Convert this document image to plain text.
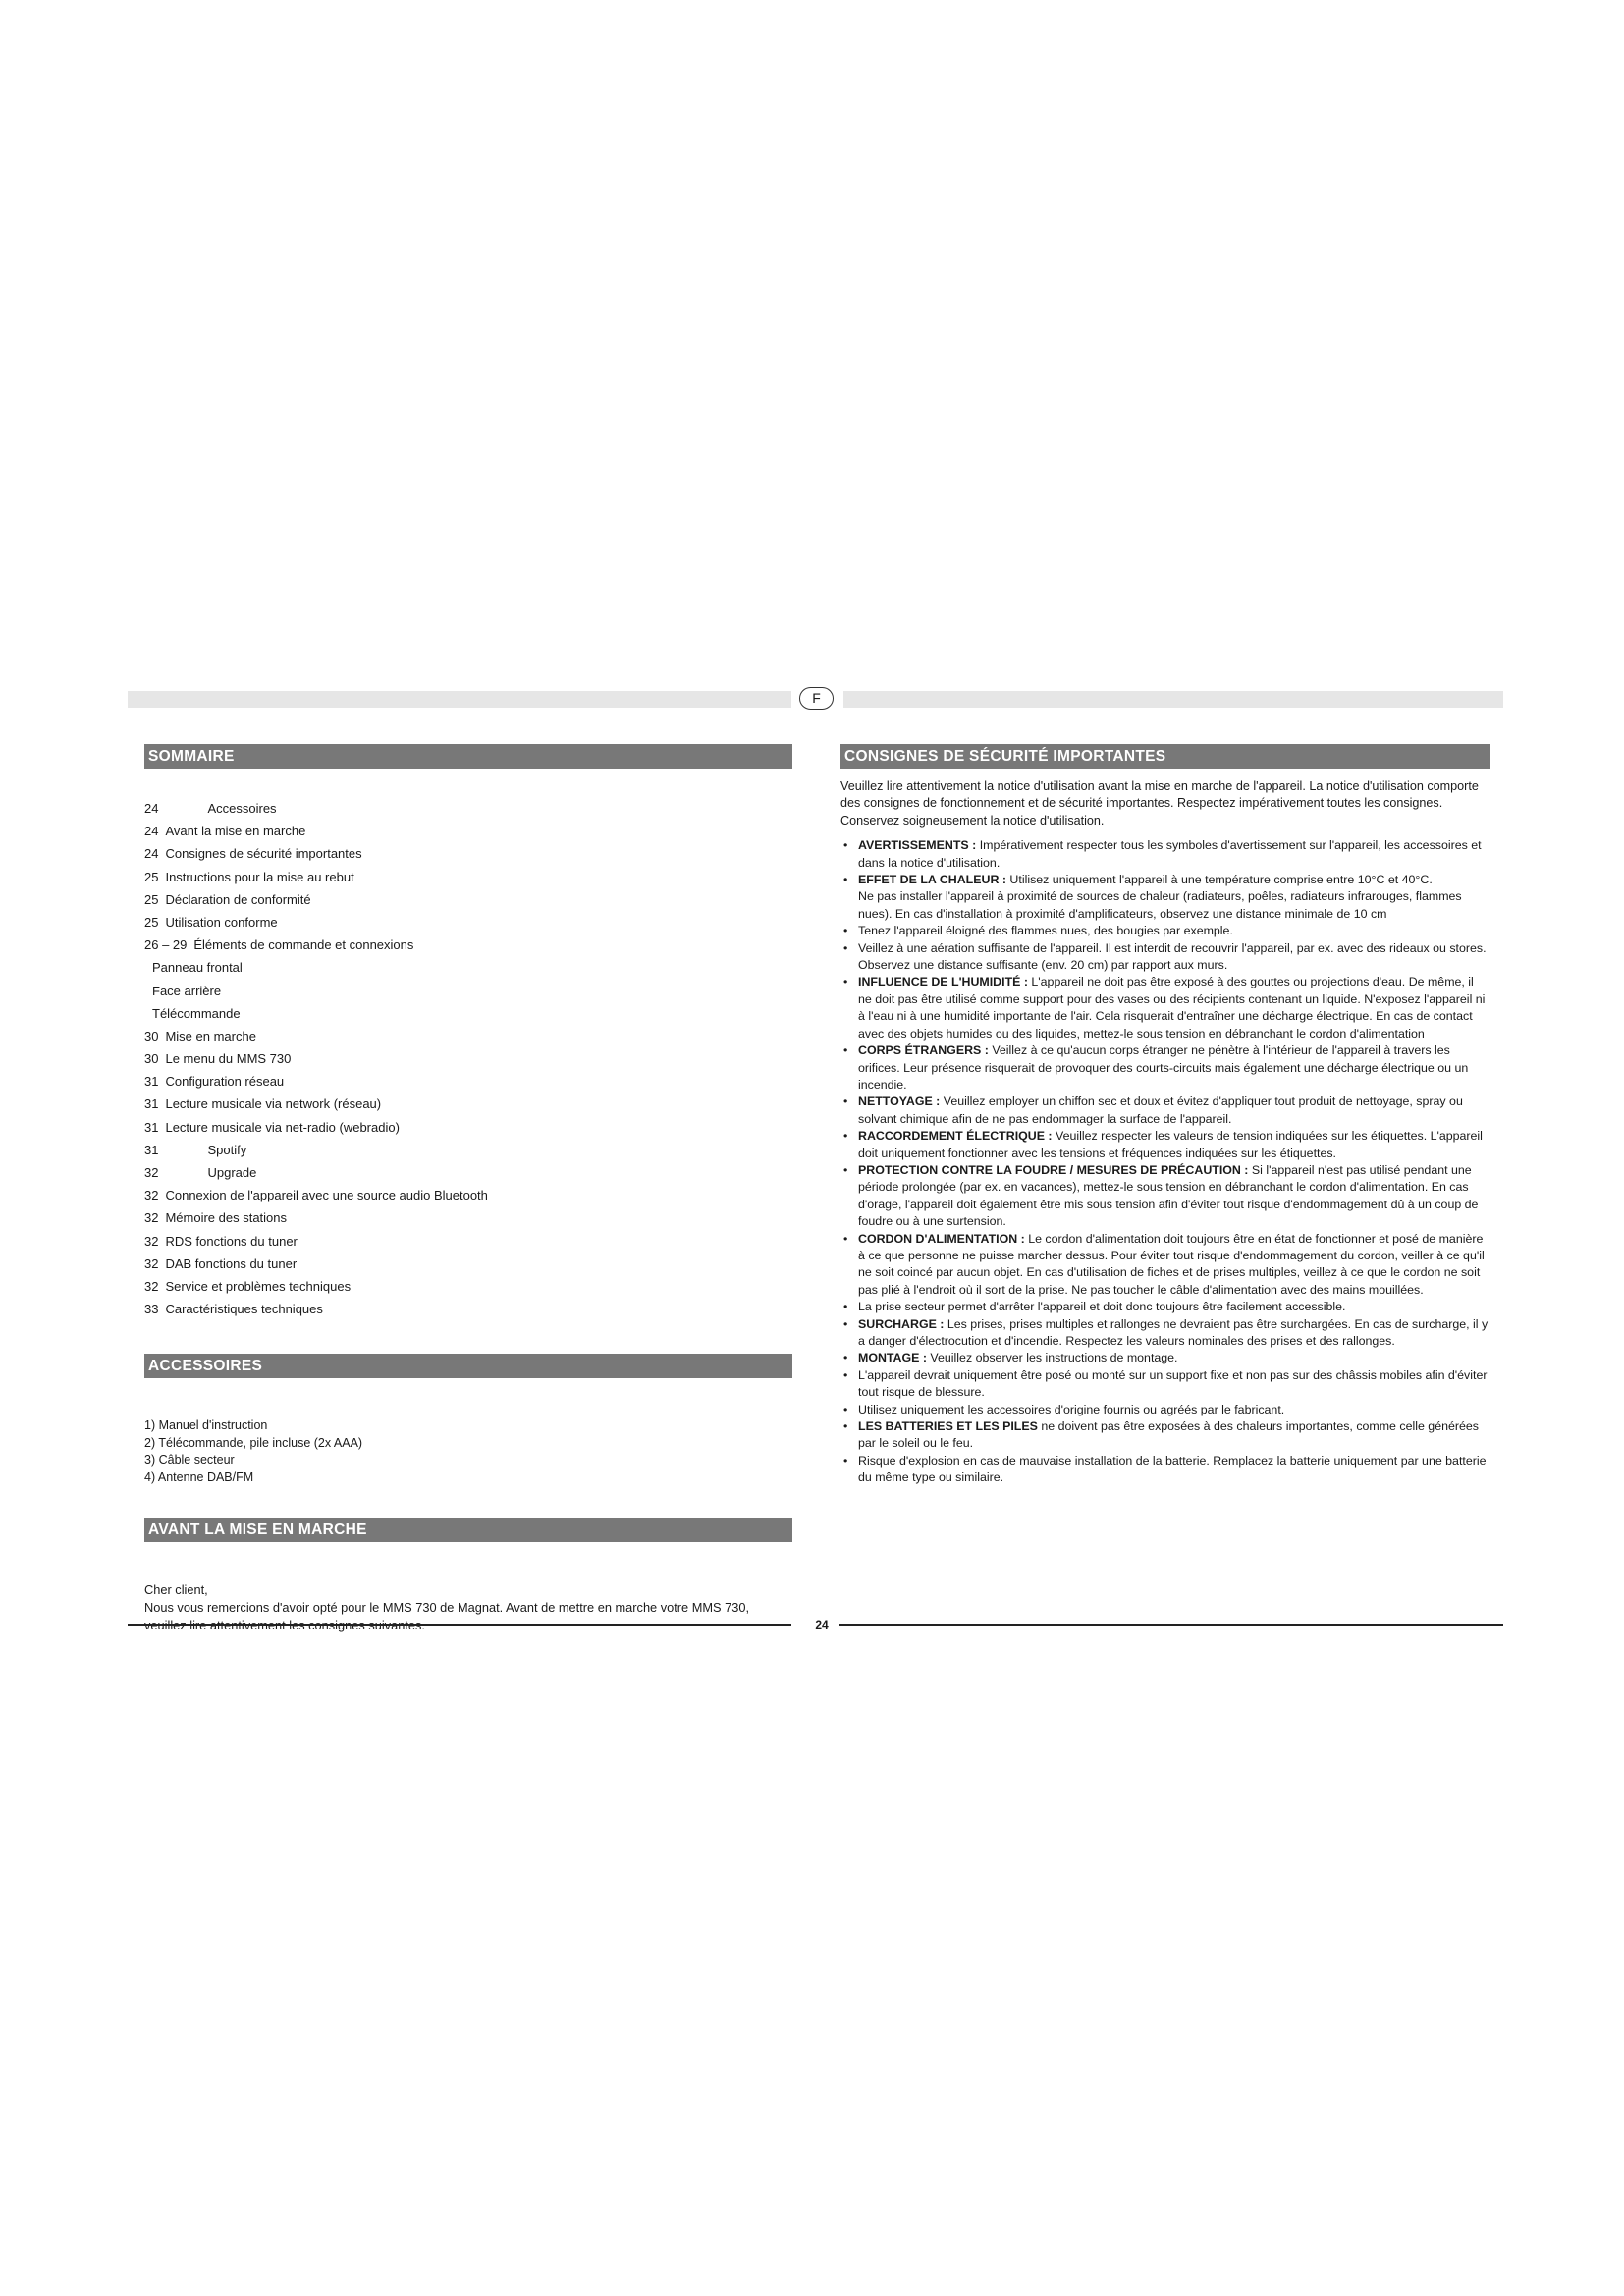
F
SOMMAIRE
24	Accessoires
24 Avant la mise en marche
24 Consignes de sécurité importantes
25 Instructions pour la mise au rebut
25 Déclaration de conformité
25 Utilisation conforme
26 – 29 Éléments de commande et connexions
Panneau frontal
Face arrière
Télécommande
30 Mise en marche
30 Le menu du MMS 730
31 Configuration réseau
31 Lecture musicale via network (réseau)
31 Lecture musicale via net-radio (webradio)
31	Spotify
32	Upgrade
32 Connexion de l'appareil avec une source audio Bluetooth
32 Mémoire des stations
32 RDS fonctions du tuner
32 DAB fonctions du tuner
32 Service et problèmes techniques
33 Caractéristiques techniques
ACCESSOIRES
1) Manuel d'instruction
2) Télécommande, pile incluse (2x AAA)
3) Câble secteur
4) Antenne DAB/FM
AVANT LA MISE EN MARCHE
Cher client,
Nous vous remercions d'avoir opté pour le MMS 730 de Magnat. Avant de mettre en marche votre MMS 730,
CONSIGNES DE SÉCURITÉ IMPORTANTES
Veuillez lire attentivement la notice d'utilisation avant la mise en marche de l'appareil. La notice d'utilisation comporte des consignes de fonctionnement et de sécurité importantes. Respectez impérativement toutes les consignes. Conservez soigneusement la notice d'utilisation.
• AVERTISSEMENTS : Impérativement respecter tous les symboles d'avertissement sur l'appareil, les accessoires et dans la notice d'utilisation.
• EFFET DE LA CHALEUR : Utilisez uniquement l'appareil à une température comprise entre 10°C et 40°C.
Ne pas installer l'appareil à proximité de sources de chaleur (radiateurs, poêles, radiateurs infrarouges, flammes nues). En cas d'installation à proximité d'amplificateurs, observez une distance minimale de 10 cm
• Tenez l'appareil éloigné des flammes nues, des bougies par exemple.
• Veillez à une aération suffisante de l'appareil. Il est interdit de recouvrir l'appareil, par ex. avec des rideaux ou stores. Observez une distance suffisante (env. 20 cm) par rapport aux murs.
• INFLUENCE DE L'HUMIDITÉ : L'appareil ne doit pas être exposé à des gouttes ou projections d'eau. De même, il ne doit pas être utilisé comme support pour des vases ou des récipients contenant un liquide. N'exposez l'appareil ni à l'eau ni à une humidité importante de l'air. Cela risquerait d'entraîner une décharge électrique. En cas de contact avec des objets humides ou des liquides, mettez-le sous tension en débranchant le cordon d'alimentation
• CORPS ÉTRANGERS : Veillez à ce qu'aucun corps étranger ne pénètre à l'intérieur de l'appareil à travers les orifices. Leur présence risquerait de provoquer des courts-circuits mais également une décharge électrique ou un incendie.
• NETTOYAGE : Veuillez employer un chiffon sec et doux et évitez d'appliquer tout produit de nettoyage, spray ou solvant chimique afin de ne pas endommager la surface de l'appareil.
• RACCORDEMENT ÉLECTRIQUE : Veuillez respecter les valeurs de tension indiquées sur les étiquettes. L'appareil doit uniquement fonctionner avec les tensions et fréquences indiquées sur les étiquettes.
• PROTECTION CONTRE LA FOUDRE / MESURES DE PRÉCAUTION : Si l'appareil n'est pas utilisé pendant une période prolongée (par ex. en vacances), mettez-le sous tension en débranchant le cordon d'alimentation. En cas d'orage, l'appareil doit également être mis sous tension afin d'éviter tout risque d'endommagement dû à un coup de foudre ou à une surtension.
• CORDON D'ALIMENTATION : Le cordon d'alimentation doit toujours être en état de fonctionner et posé de manière à ce que personne ne puisse marcher dessus. Pour éviter tout risque d'endommagement du cordon, veiller à ce qu'il ne soit coincé par aucun objet. En cas d'utilisation de fiches et de prises multiples, veillez à ce que le cordon ne soit pas plié à l'endroit où il sort de la prise. Ne pas toucher le câble d'alimentation avec des mains mouillées.
• La prise secteur permet d'arrêter l'appareil et doit donc toujours être facilement accessible.
• SURCHARGE : Les prises, prises multiples et rallonges ne devraient pas être surchargées. En cas de surcharge, il y a danger d'électrocution et d'incendie. Respectez les valeurs nominales des prises et des rallonges.
• MONTAGE : Veuillez observer les instructions de montage.
• L'appareil devrait uniquement être posé ou monté sur un support fixe et non pas sur des châssis mobiles afin d'éviter tout risque de blessure.
• Utilisez uniquement les accessoires d'origine fournis ou agréés par le fabricant.
• LES BATTERIES ET LES PILES ne doivent pas être exposées à des chaleurs importantes, comme celle générées par le soleil ou le feu.
• Risque d'explosion en cas de mauvaise installation de la batterie. Remplacez la batterie uniquement par une batterie du même type ou similaire.
24
